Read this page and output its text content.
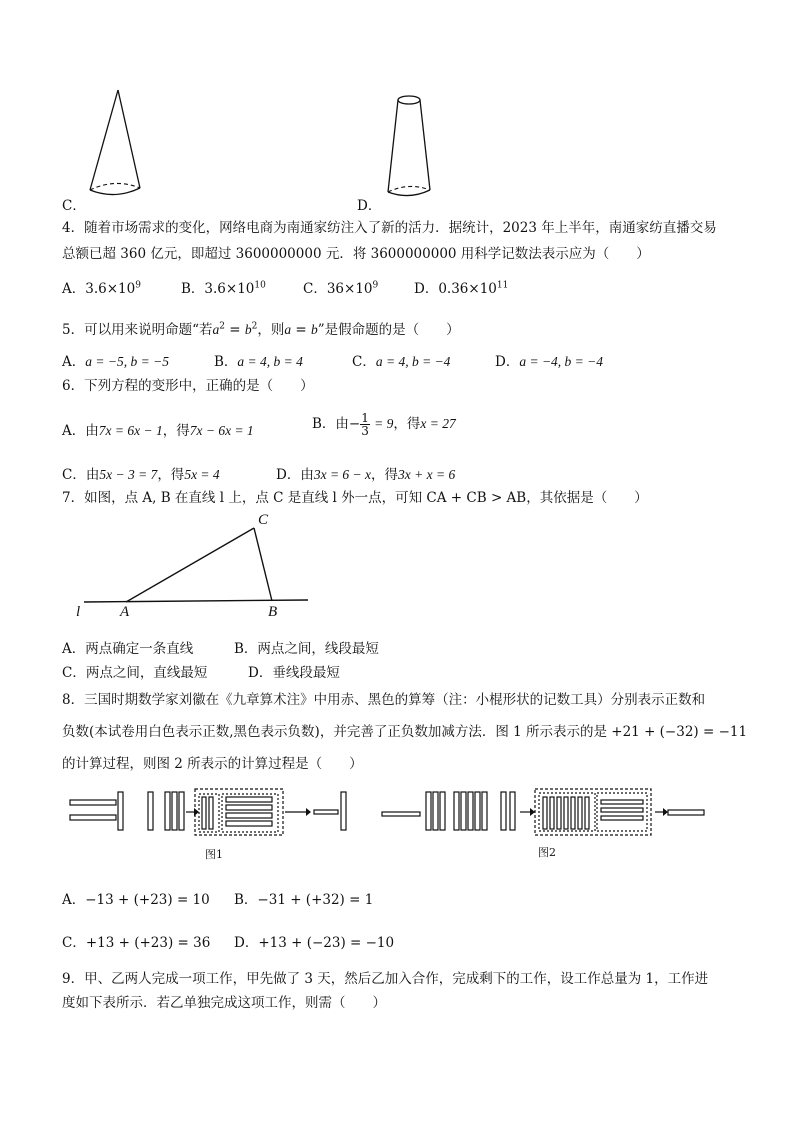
C．	D．
4．随着市场需求的变化，网络电商为南通家纺注入了新的活力．据统计，2023 年上半年，南通家纺直播交易
总额已超 360 亿元，即超过 3600000000 元．将 3600000000 用科学记数法表示应为（　　）
A．$3.6\times 10^9$	B．$3.6\times 10^{10}$	C．$36\times 10^9$	D．$0.36\times 10^{11}$
5．可以用来说明命题“若$a^2 = b^2$，则a = b”是假命题的是（　　）
A．a = −5, b = −5	B．a = 4, b = 4	C．a = 4, b = −4	D．a = −4, b = −4
6．下列方程的变形中，正确的是（　　）
A．由7x = 6x − 1，得7x − 6x = 1	B．由− $\frac{1}{3} = 9$，得x = 27
C．由5x − 3 = 7，得5x = 4	D．由3x = 6 − x，得3x + x = 6
7．如图，点 A, B 在直线 l 上，点 C 是直线 l 外一点，可知 CA + CB > AB，其依据是（　　）
C
l	A	B
A．两点确定一条直线	B．两点之间，线段最短
C．两点之间，直线最短	D．垂线段最短
8．三国时期数学家刘徽在《九章算术注》中用赤、黑色的算筹（注：小棍形状的记数工具）分别表示正数和
负数(本试卷用白色表示正数,黑色表示负数)，并完善了正负数加减方法．图 1 所示表示的是 +21 + (−32) = −11
的计算过程，则图 2 所表示的计算过程是（　　）
图1	图2
A．−13 + (+23) = 10 B．−31 + (+32) = 1
C．+13 + (+23) = 36 D．+13 + (−23) = −10
9．甲、乙两人完成一项工作，甲先做了 3 天，然后乙加入合作，完成剩下的工作，设工作总量为 1，工作进
度如下表所示．若乙单独完成这项工作，则需（　　）
